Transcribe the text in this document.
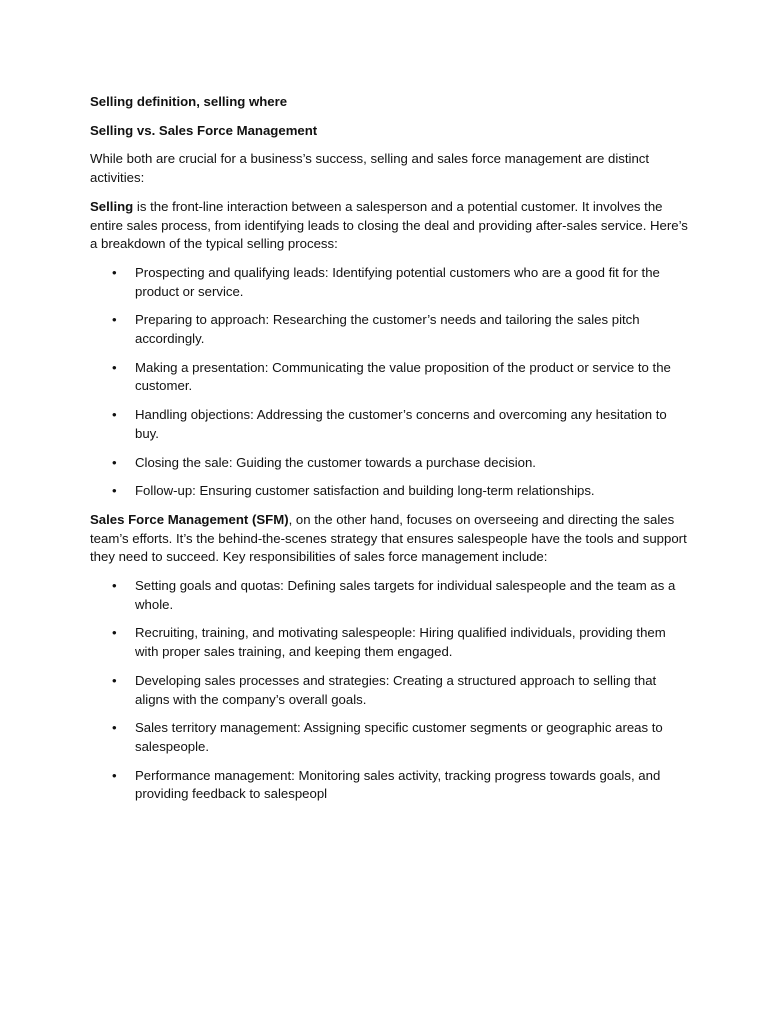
Selling definition, selling where

Selling vs. Sales Force Management

While both are crucial for a business’s success, selling and sales force management are distinct activities:

Selling is the front-line interaction between a salesperson and a potential customer. It involves the entire sales process, from identifying leads to closing the deal and providing after-sales service. Here’s a breakdown of the typical selling process:

• Prospecting and qualifying leads: Identifying potential customers who are a good fit for the product or service.
• Preparing to approach: Researching the customer’s needs and tailoring the sales pitch accordingly.
• Making a presentation: Communicating the value proposition of the product or service to the customer.
• Handling objections: Addressing the customer’s concerns and overcoming any hesitation to buy.
• Closing the sale: Guiding the customer towards a purchase decision.
• Follow-up: Ensuring customer satisfaction and building long-term relationships.

Sales Force Management (SFM), on the other hand, focuses on overseeing and directing the sales team’s efforts. It’s the behind-the-scenes strategy that ensures salespeople have the tools and support they need to succeed. Key responsibilities of sales force management include:

• Setting goals and quotas: Defining sales targets for individual salespeople and the team as a whole.
• Recruiting, training, and motivating salespeople: Hiring qualified individuals, providing them with proper sales training, and keeping them engaged.
• Developing sales processes and strategies: Creating a structured approach to selling that aligns with the company’s overall goals.
• Sales territory management: Assigning specific customer segments or geographic areas to salespeople.
• Performance management: Monitoring sales activity, tracking progress towards goals, and providing feedback to salespeopl
